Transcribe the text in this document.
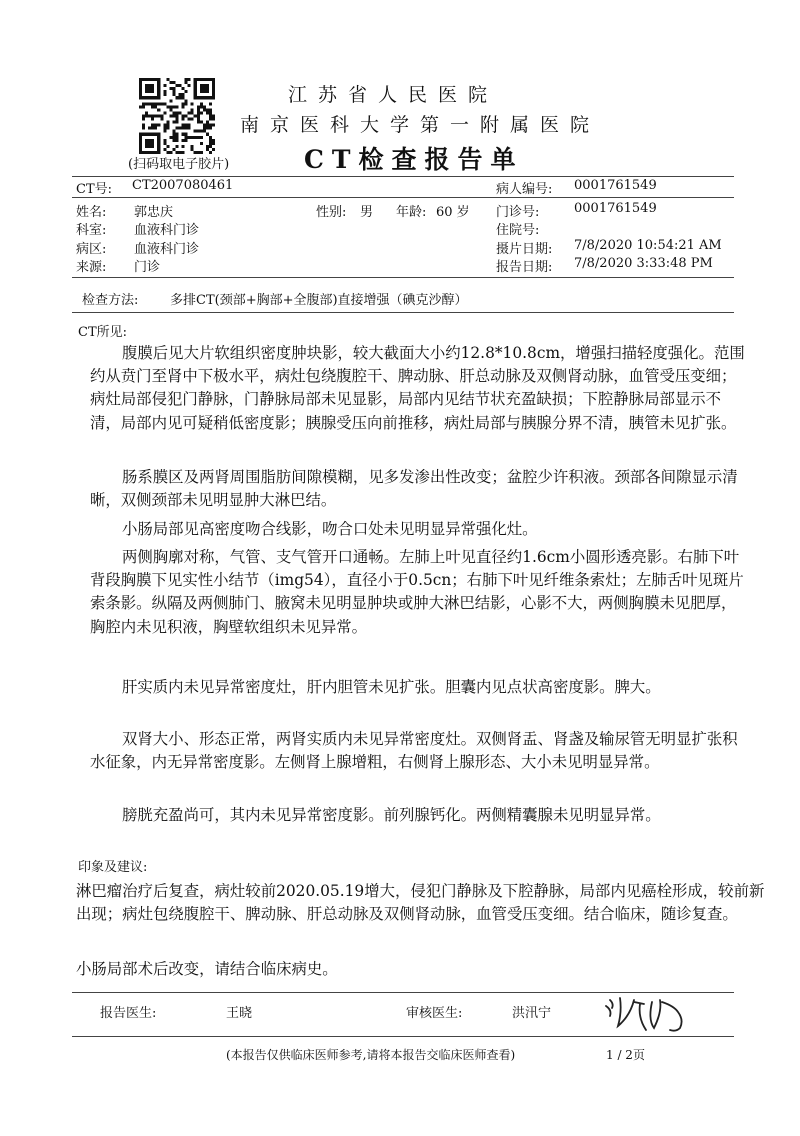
(扫码取电子胶片)
江苏省人民医院
南京医科大学第一附属医院
CT检查报告单
CT号: CT2007080461	病人编号: 0001761549
姓名: 郭忠庆	性别: 男 年龄: 60 岁 门诊号:	0001761549
科室: 血液科门诊	住院号:
病区: 血液科门诊	摄片日期: 7/8/2020 10:54:21 AM
来源: 门诊	报告日期: 7/8/2020 3:33:48 PM
检查方法: 多排CT(颈部+胸部+全腹部)直接增强（碘克沙醇）
CT所见:
腹膜后见大片软组织密度肿块影，较大截面大小约12.8*10.8cm，增强扫描轻度强化。范围约从贲门至肾中下极水平，病灶包绕腹腔干、脾动脉、肝总动脉及双侧肾动脉，血管受压变细；病灶局部侵犯门静脉，门静脉局部未见显影，局部内见结节状充盈缺损；下腔静脉局部显示不清，局部内见可疑稍低密度影；胰腺受压向前推移，病灶局部与胰腺分界不清，胰管未见扩张。
肠系膜区及两肾周围脂肪间隙模糊，见多发渗出性改变；盆腔少许积液。颈部各间隙显示清晰，双侧颈部未见明显肿大淋巴结。
小肠局部见高密度吻合线影，吻合口处未见明显异常强化灶。
两侧胸廓对称，气管、支气管开口通畅。左肺上叶见直径约1.6cm小圆形透亮影。右肺下叶背段胸膜下见实性小结节（img54），直径小于0.5cn；右肺下叶见纤维条索灶；左肺舌叶见斑片索条影。纵隔及两侧肺门、腋窝未见明显肿块或肿大淋巴结影，心影不大，两侧胸膜未见肥厚，胸腔内未见积液，胸壁软组织未见异常。
肝实质内未见异常密度灶，肝内胆管未见扩张。胆囊内见点状高密度影。脾大。
双肾大小、形态正常，两肾实质内未见异常密度灶。双侧肾盂、肾盏及输尿管无明显扩张积水征象，内无异常密度影。左侧肾上腺增粗，右侧肾上腺形态、大小未见明显异常。
膀胱充盈尚可，其内未见异常密度影。前列腺钙化。两侧精囊腺未见明显异常。
印象及建议:
淋巴瘤治疗后复查，病灶较前2020.05.19增大，侵犯门静脉及下腔静脉，局部内见癌栓形成，较前新出现；病灶包绕腹腔干、脾动脉、肝总动脉及双侧肾动脉，血管受压变细。结合临床，随诊复查。
小肠局部术后改变，请结合临床病史。
报告医生:	王晓	审核医生:	洪汛宁
(本报告仅供临床医师参考,请将本报告交临床医师查看)	1 / 2页
